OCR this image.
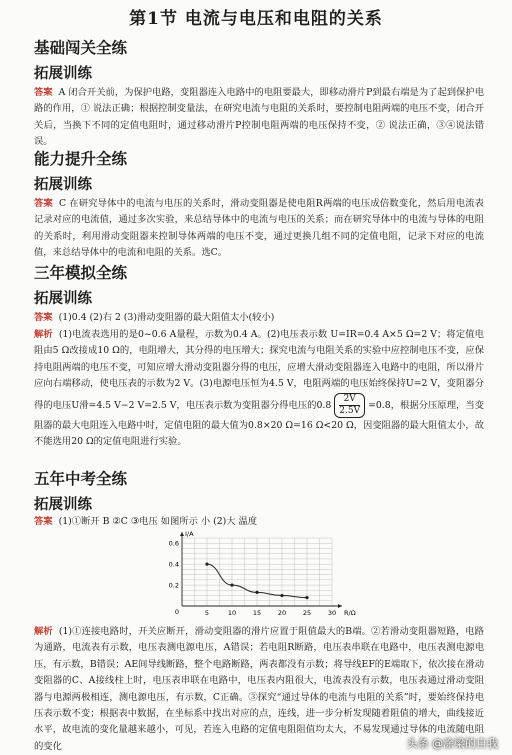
第1节 电流与电压和电阻的关系
基础闯关全练
拓展训练
答案 A 闭合开关前，为保护电路，变阻器连入电路中的电阻要最大，即移动滑片P到最右端是为了起到保护电路的作用，① 说法正确；根据控制变量法，在研究电流与电阻的关系时，要控制电阻两端的电压不变，闭合开关后，当换下不同的定值电阻时，通过移动滑片P控制电阻两端的电压保持不变，② 说法正确，③④说法错误。
能力提升全练
拓展训练
答案 C 在研究导体中的电流与电压的关系时，滑动变阻器是使电阻R两端的电压成倍数变化，然后用电流表记录对应的电流值，通过多次实验，来总结导体中的电流与电压的关系；而在研究导体中的电流与导体的电阻的关系时，利用滑动变阻器来控制导体两端的电压不变，通过更换几组不同的定值电阻，记录下对应的电流值，来总结导体中的电流和电阻的关系。选C。
三年模拟全练
拓展训练
答案 (1)0.4 (2)右 2 (3)滑动变阻器的最大阻值太小(较小)
解析 (1)电流表选用的是0~0.6 A量程，示数为0.4 A。(2)电压表示数 U=IR=0.4 A×5 Ω=2 V；将定值电阻由5 Ω改接成10 Ω的，电阻增大，其分得的电压增大；探究电流与电阻关系的实验中应控制电压不变，应保持电阻两端的电压不变，可知应增大滑动变阻器分得的电压，应增大滑动变阻器连入电路中的电阻，所以滑片应向右端移动，使电压表的示数为2 V。(3)电源电压恒为4.5 V，电阻两端的电压始终保持U=2 V，变阻器分得的电压U滑=4.5 V−2 V=2.5 V，电压表示数为变阻器分得电压的$0.8 \frac{2V}{2.5V} =0.8$，根据分压原理，当变阻器的最大电阻连入电路中时，定值电阻的最大值为0.8×20 Ω=16 Ω<20 Ω，因变阻器的最大阻值太小，故不能选用20 Ω的定值电阻进行实验。
五年中考全练
拓展训练
答案 (1)①断开 B ②C ③电压 如图所示 小 (2)大 温度
5	10	15	20	25	30
0.2
0.4
0.6
0	R/Ω
I/A
解析 (1)①连接电路时，开关应断开，滑动变阻器的滑片应置于阻值最大的B端。②若滑动变阻器短路，电路为通路，电流表有示数，电压表测电源电压，A错误；若电阻R断路，电压表串联在电路中，电压表测电源电压，有示数，B错误；AE间导线断路，整个电路断路，两表都没有示数；将导线EF的E端取下，依次接在滑动变阻器的C、A接线柱上时，电压表串联在电路中，电压表内阻很大，电流表没有示数，电压表通过滑动变阻器与电源两极相连，测电源电压，有示数，C正确。③探究“通过导体的电流与电阻的关系”时，要始终保持电压表示数不变；根据表中数据，在坐标系中找出对应的点，连线，进一步分析发现随着阻值的增大，曲线接近水平，故电流的变化量越来越小，可见，若连入电路的定值电阻阻值均太大，不易发现通过导体的电流随电阻的变化	头条 @涂梁的自我
